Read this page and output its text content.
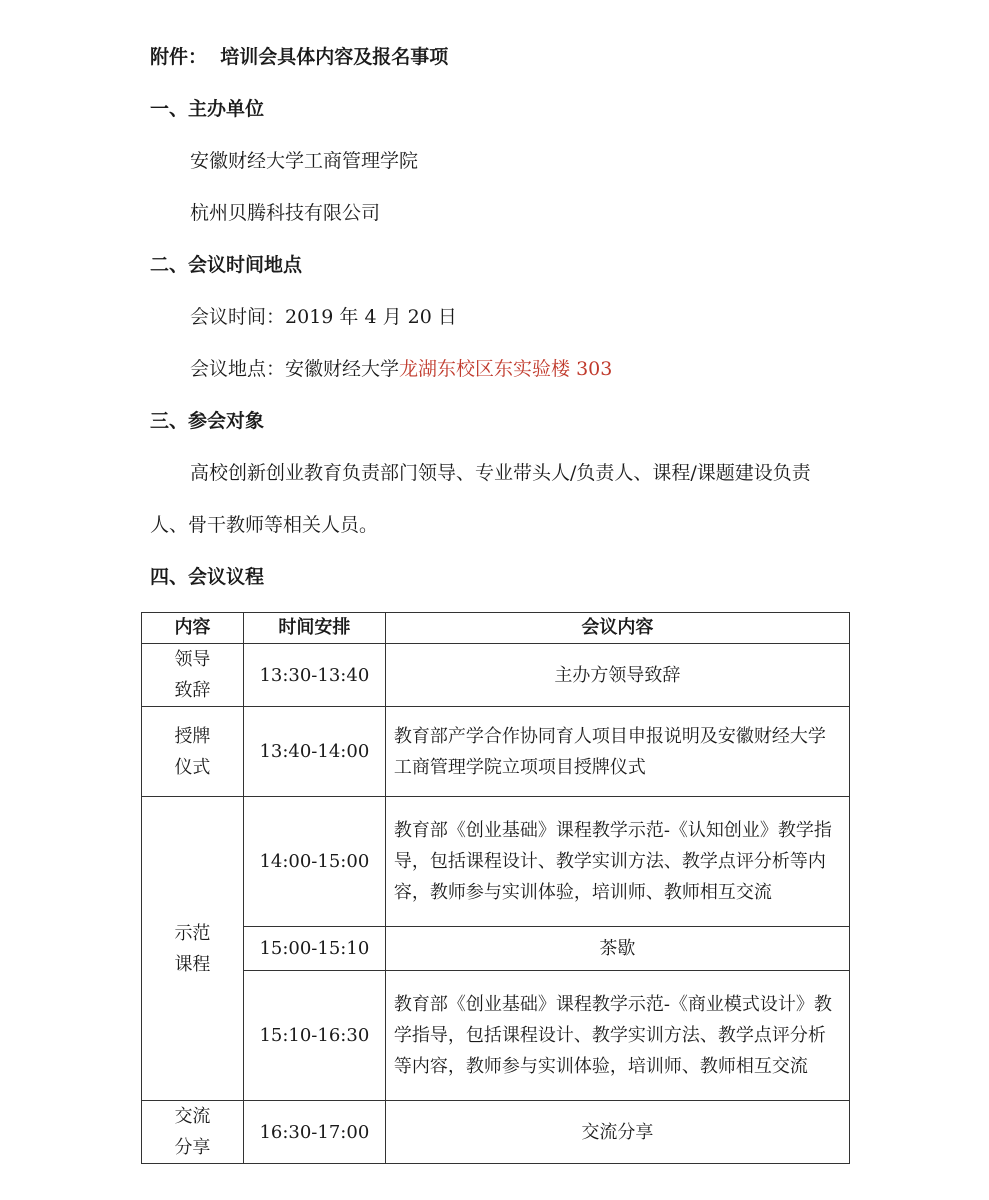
附件： 培训会具体内容及报名事项
一、主办单位
安徽财经大学工商管理学院
杭州贝腾科技有限公司
二、会议时间地点
会议时间：2019 年 4 月 20 日
会议地点：安徽财经大学龙湖东校区东实验楼 303
三、参会对象
高校创新创业教育负责部门领导、专业带头人/负责人、课程/课题建设负责
人、骨干教师等相关人员。
四、会议议程
内容	时间安排	会议内容

领导
致辞	13:30-13:40	主办方领导致辞

授牌
仪式	13:40-14:00	教育部产学合作协同育人项目申报说明及安徽财经大学工商管理学院立项项目授牌仪式

示范
课程	14:00-15:00	教育部《创业基础》课程教学示范-《认知创业》教学指导，包括课程设计、教学实训方法、教学点评分析等内容，教师参与实训体验，培训师、教师相互交流
	15:00-15:10	茶歇
	15:10-16:30	教育部《创业基础》课程教学示范-《商业模式设计》教学指导，包括课程设计、教学实训方法、教学点评分析等内容，教师参与实训体验，培训师、教师相互交流

交流
分享	16:30-17:00	交流分享
